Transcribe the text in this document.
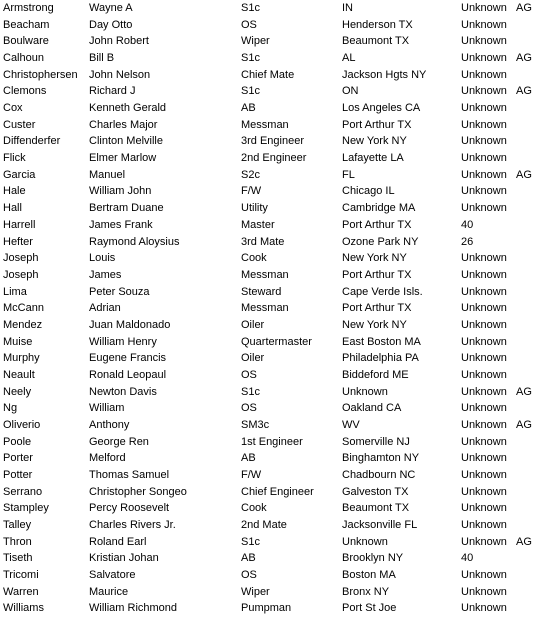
Armstrong	Wayne A	S1c	IN	Unknown AG
Beacham	Day Otto	OS	Henderson TX	Unknown
Boulware	John Robert	Wiper	Beaumont TX	Unknown
Calhoun	Bill B	S1c	AL	Unknown AG
Christophersen	John Nelson	Chief Mate	Jackson Hgts NY	Unknown
Clemons	Richard J	S1c	ON	Unknown AG
Cox	Kenneth Gerald	AB	Los Angeles CA	Unknown
Custer	Charles Major	Messman	Port Arthur TX	Unknown
Diffenderfer	Clinton Melville	3rd Engineer	New York NY	Unknown
Flick	Elmer Marlow	2nd Engineer	Lafayette LA	Unknown
Garcia	Manuel	S2c	FL	Unknown AG
Hale	William John	F/W	Chicago IL	Unknown
Hall	Bertram Duane	Utility	Cambridge MA	Unknown
Harrell	James Frank	Master	Port Arthur TX	40
Hefter	Raymond Aloysius	3rd Mate	Ozone Park NY	26
Joseph	Louis	Cook	New York NY	Unknown
Joseph	James	Messman	Port Arthur TX	Unknown
Lima	Peter Souza	Steward	Cape Verde Isls.	Unknown
McCann	Adrian	Messman	Port Arthur TX	Unknown
Mendez	Juan Maldonado	Oiler	New York NY	Unknown
Muise	William Henry	Quartermaster	East Boston MA	Unknown
Murphy	Eugene Francis	Oiler	Philadelphia PA	Unknown
Neault	Ronald Leopaul	OS	Biddeford ME	Unknown
Neely	Newton Davis	S1c	Unknown	Unknown AG
Ng	William	OS	Oakland CA	Unknown
Oliverio	Anthony	SM3c	WV	Unknown AG
Poole	George Ren	1st Engineer	Somerville NJ	Unknown
Porter	Melford	AB	Binghamton NY	Unknown
Potter	Thomas Samuel	F/W	Chadbourn NC	Unknown
Serrano	Christopher Songeo	Chief Engineer	Galveston TX	Unknown
Stampley	Percy Roosevelt	Cook	Beaumont TX	Unknown
Talley	Charles Rivers Jr.	2nd Mate	Jacksonville FL	Unknown
Thron	Roland Earl	S1c	Unknown	Unknown AG
Tiseth	Kristian Johan	AB	Brooklyn NY	40
Tricomi	Salvatore	OS	Boston MA	Unknown
Warren	Maurice	Wiper	Bronx NY	Unknown
Williams	William Richmond	Pumpman	Port St Joe	Unknown
